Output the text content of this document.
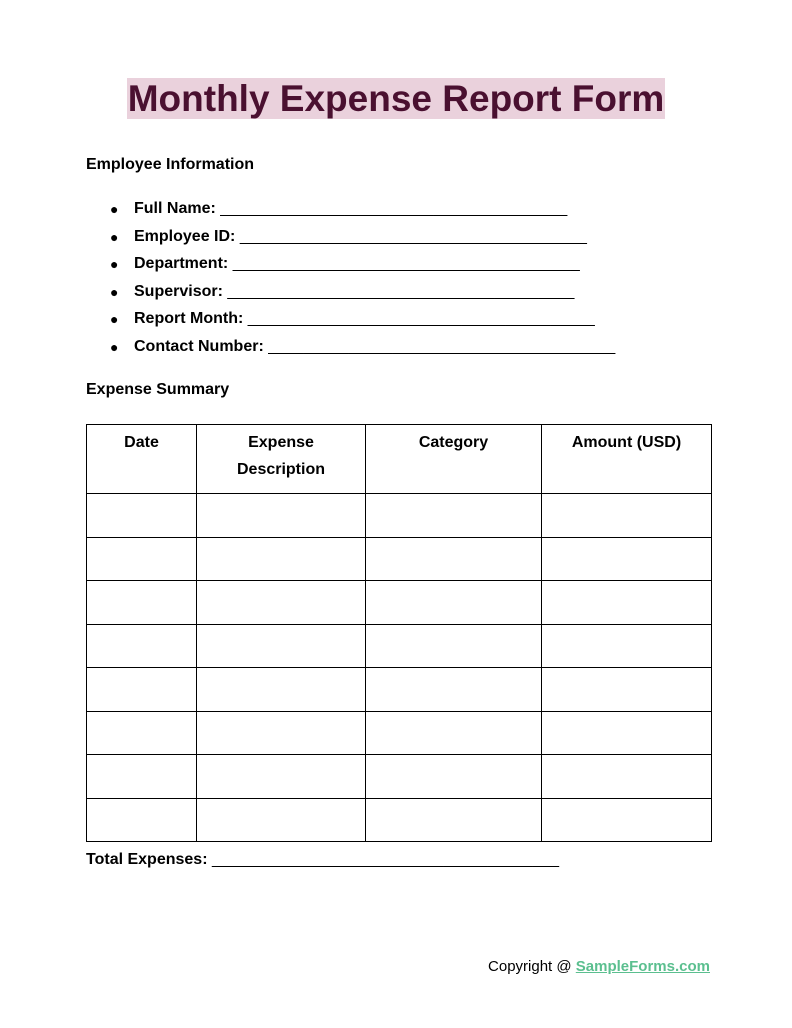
Monthly Expense Report Form
Employee Information
● Full Name: _______________________________________
● Employee ID: _______________________________________
● Department: _______________________________________
● Supervisor: _______________________________________
● Report Month: _______________________________________
● Contact Number: _______________________________________
Expense Summary
Date	Expense Description	Category	Amount (USD)

Total Expenses: _______________________________________
Copyright @ SampleForms.com
